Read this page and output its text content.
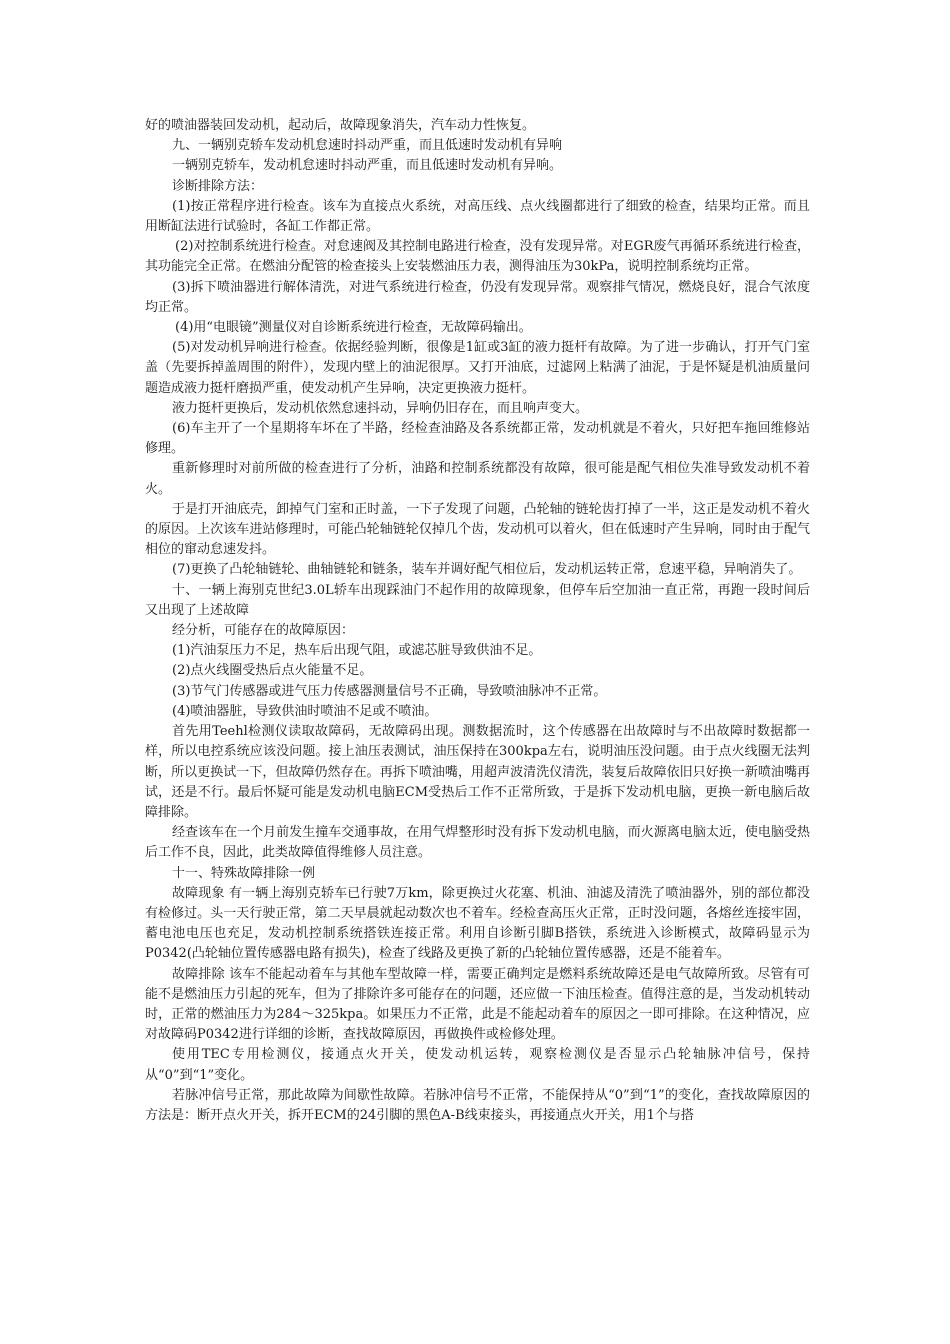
好的喷油器装回发动机，起动后，故障现象消失，汽车动力性恢复。

九、一辆别克轿车发动机怠速时抖动严重，而且低速时发动机有异响

一辆别克轿车，发动机怠速时抖动严重，而且低速时发动机有异响。

诊断排除方法：

(1)按正常程序进行检查。该车为直接点火系统，对高压线、点火线圈都进行了细致的检查，结果均正常。而且用断缸法进行试验时，各缸工作都正常。

(2)对控制系统进行检查。对怠速阀及其控制电路进行检查，没有发现异常。对EGR废气再循环系统进行检查，其功能完全正常。在燃油分配管的检查接头上安装燃油压力表，测得油压为30kPa，说明控制系统均正常。

(3)拆下喷油器进行解体清洗，对进气系统进行检查，仍没有发现异常。观察排气情况，燃烧良好，混合气浓度均正常。

(4)用“电眼镜”测量仪对自诊断系统进行检查，无故障码输出。

(5)对发动机异响进行检查。依据经验判断，很像是1缸或3缸的液力挺杆有故障。为了进一步确认，打开气门室盖（先要拆掉盖周围的附件），发现内壁上的油泥很厚。又打开油底，过滤网上粘满了油泥，于是怀疑是机油质量问题造成液力挺杆磨损严重，使发动机产生异响，决定更换液力挺杆。

液力挺杆更换后，发动机依然怠速抖动，异响仍旧存在，而且响声变大。

(6)车主开了一个星期将车坏在了半路，经检查油路及各系统都正常，发动机就是不着火，只好把车拖回维修站修理。

重新修理时对前所做的检查进行了分析，油路和控制系统都没有故障，很可能是配气相位失准导致发动机不着火。

于是打开油底壳，卸掉气门室和正时盖，一下子发现了问题，凸轮轴的链轮齿打掉了一半，这正是发动机不着火的原因。上次该车进站修理时，可能凸轮轴链轮仅掉几个齿，发动机可以着火，但在低速时产生异响，同时由于配气相位的窜动怠速发抖。

(7)更换了凸轮轴链轮、曲轴链轮和链条，装车并调好配气相位后，发动机运转正常，怠速平稳，异响消失了。

十、一辆上海别克世纪3.0L轿车出现踩油门不起作用的故障现象，但停车后空加油一直正常，再跑一段时间后又出现了上述故障

经分析，可能存在的故障原因：

(1)汽油泵压力不足，热车后出现气阻，或滤芯脏导致供油不足。

(2)点火线圈受热后点火能量不足。

(3)节气门传感器或进气压力传感器测量信号不正确，导致喷油脉冲不正常。

(4)喷油器脏，导致供油时喷油不足或不喷油。

首先用Teehl检测仪读取故障码，无故障码出现。测数据流时，这个传感器在出故障时与不出故障时数据都一样，所以电控系统应该没问题。接上油压表测试，油压保持在300kpa左右，说明油压没问题。由于点火线圈无法判断，所以更换试一下，但故障仍然存在。再拆下喷油嘴，用超声波清洗仪清洗，装复后故障依旧只好换一新喷油嘴再试，还是不行。最后怀疑可能是发动机电脑ECM受热后工作不正常所致，于是拆下发动机电脑，更换一新电脑后故障排除。

经查该车在一个月前发生撞车交通事故，在用气焊整形时没有拆下发动机电脑，而火源离电脑太近，使电脑受热后工作不良，因此，此类故障值得维修人员注意。

十一、特殊故障排除一例

故障现象 有一辆上海别克轿车已行驶7万km，除更换过火花塞、机油、油滤及清洗了喷油器外，别的部位都没有检修过。头一天行驶正常，第二天早晨就起动数次也不着车。经检查高压火正常，正时没问题，各熔丝连接牢固，蓄电池电压也充足，发动机控制系统搭铁连接正常。利用自诊断引脚B搭铁，系统进入诊断模式，故障码显示为P0342(凸轮轴位置传感器电路有损失)，检查了线路及更换了新的凸轮轴位置传感器，还是不能着车。

故障排除 该车不能起动着车与其他车型故障一样，需要正确判定是燃料系统故障还是电气故障所致。尽管有可能不是燃油压力引起的死车，但为了排除许多可能存在的问题，还应做一下油压检查。值得注意的是，当发动机转动时，正常的燃油压力为284～325kpa。如果压力不正常，此是不能起动着车的原因之一即可排除。在这种情况，应对故障码P0342进行详细的诊断，查找故障原因，再做换件或检修处理。

使用TEC专用检测仪，接通点火开关，使发动机运转，观察检测仪是否显示凸轮轴脉冲信号，保持从“0”到“1”变化。

若脉冲信号正常，那此故障为间歇性故障。若脉冲信号不正常，不能保持从“0”到“1”的变化，查找故障原因的方法是：断开点火开关，拆开ECM的24引脚的黑色A-B线束接头，再接通点火开关，用1个与搭
